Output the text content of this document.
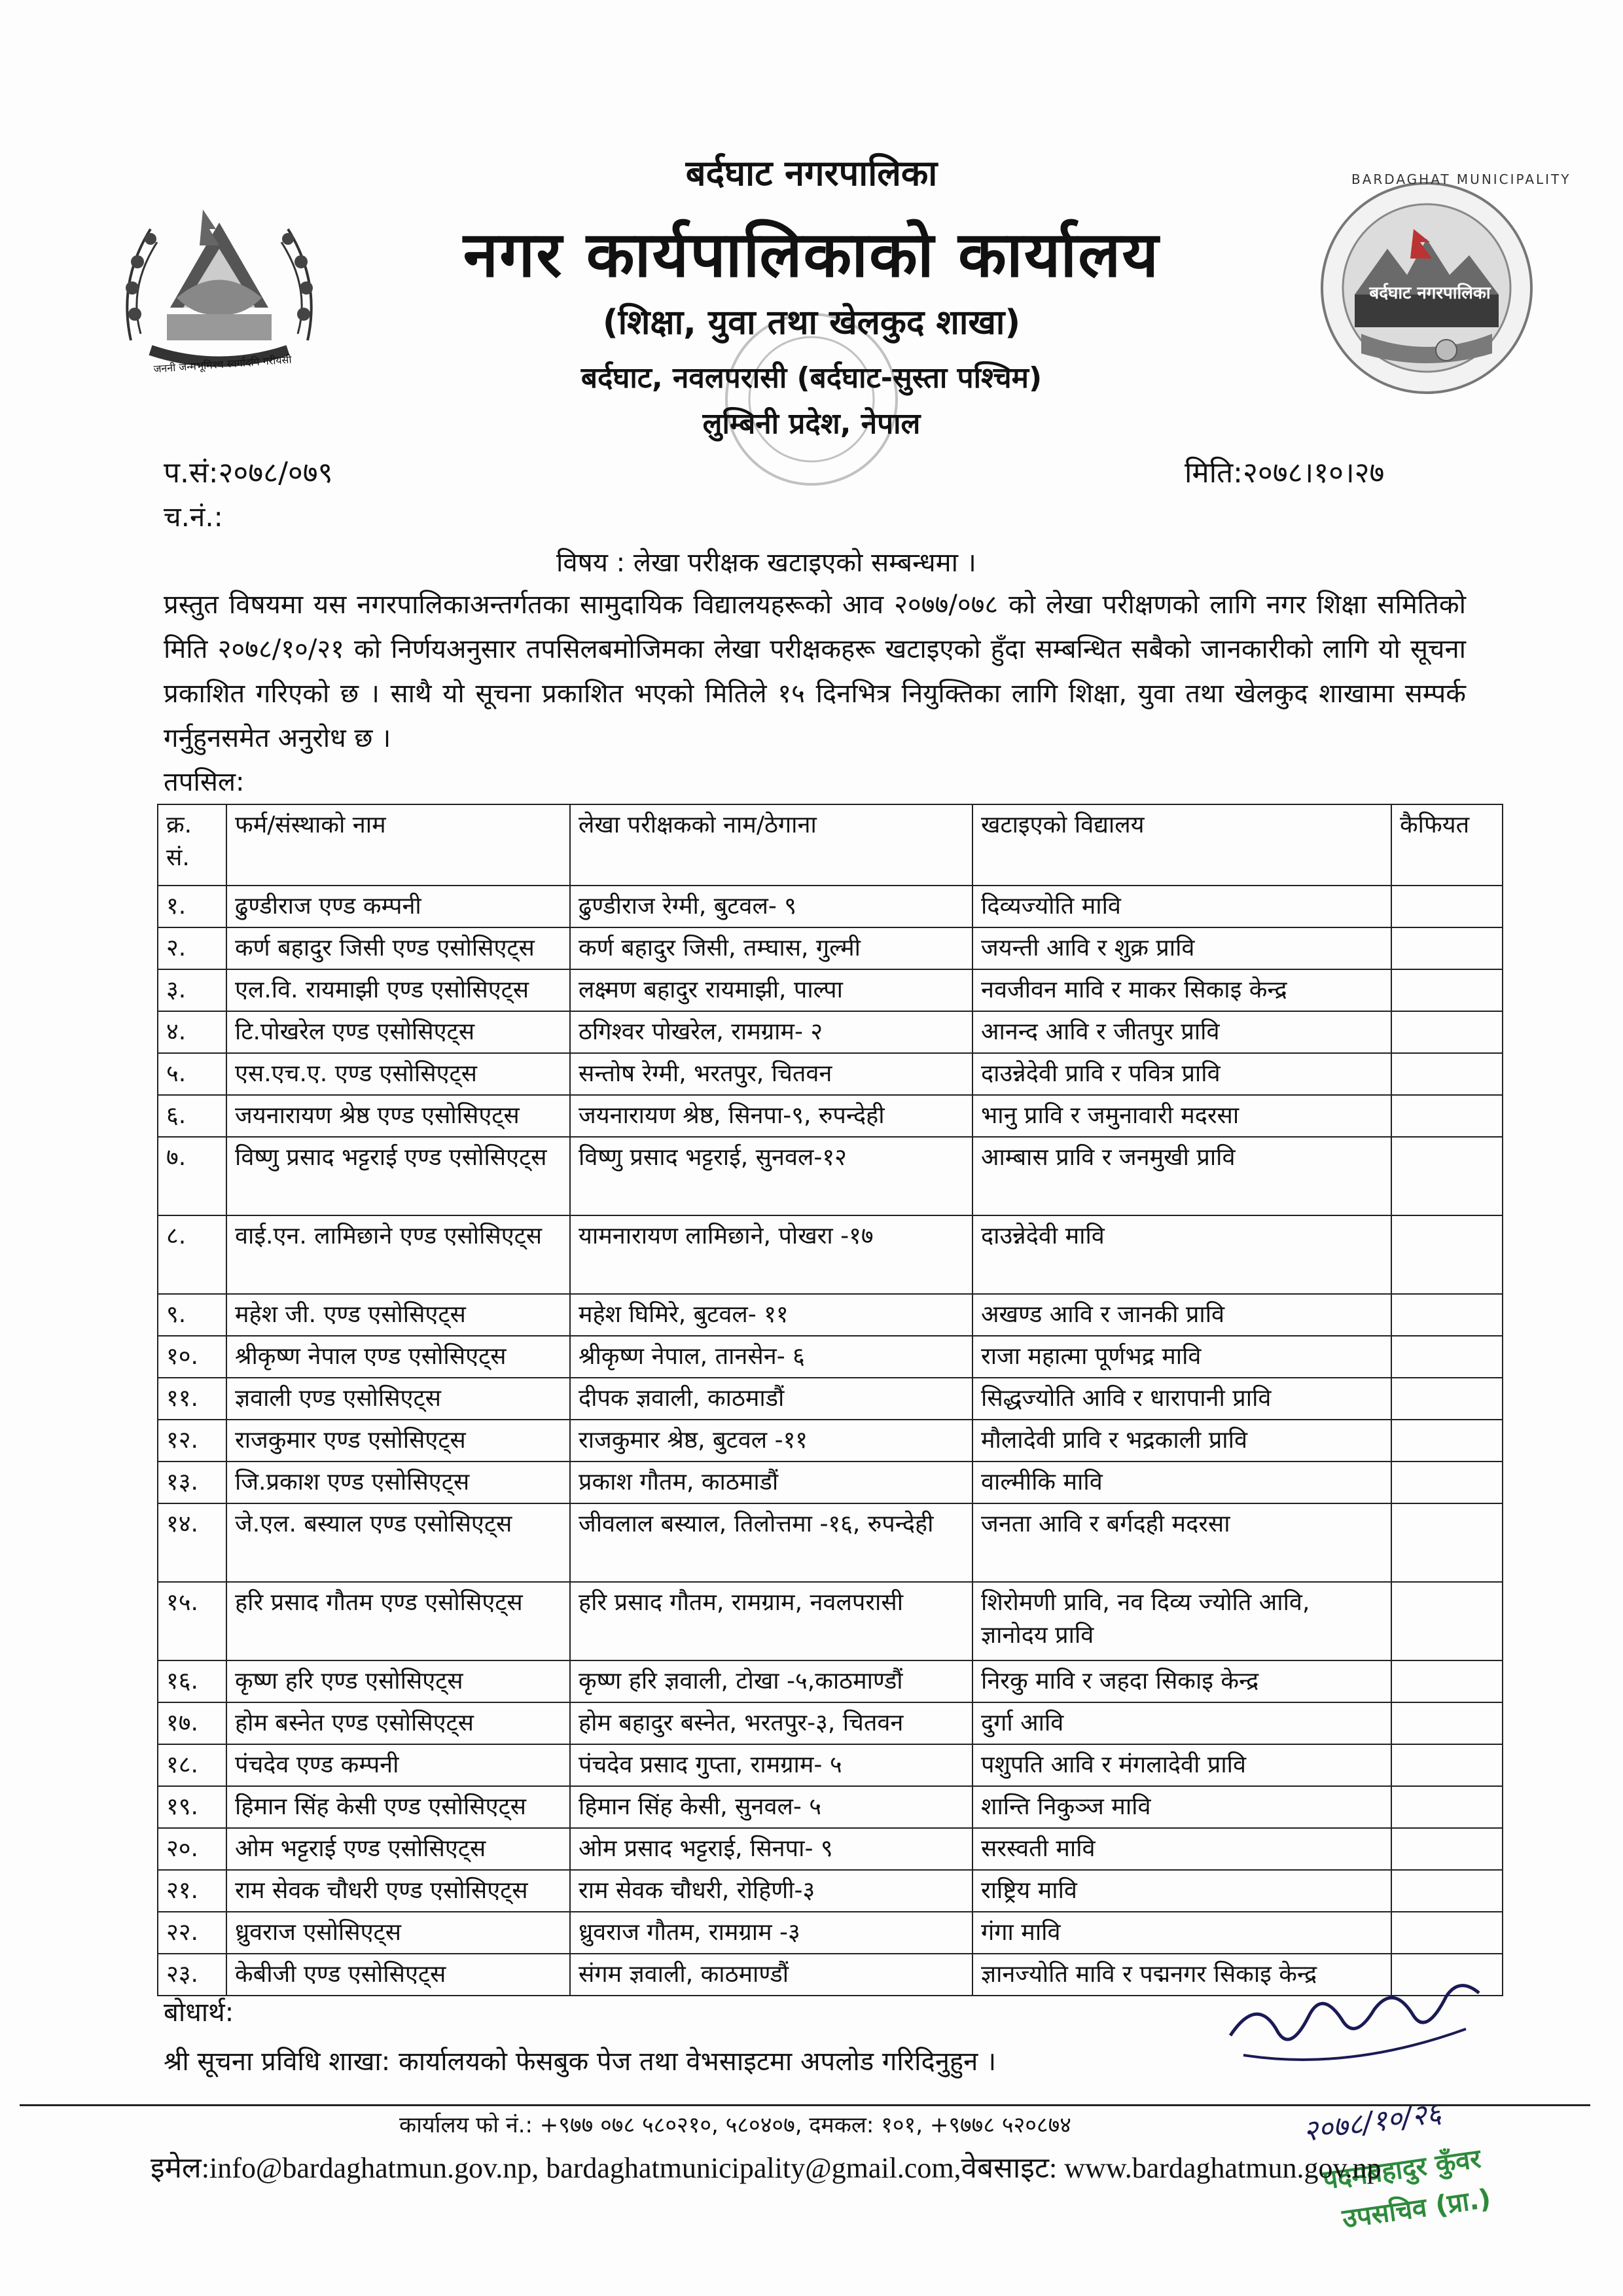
जननी जन्मभूमिश्च स्वर्गादपि गरीयसी
बर्दघाट नगरपालिका
BARDAGHAT MUNICIPALITY
बर्दघाट नगरपालिका
नगर कार्यपालिकाको कार्यालय
(शिक्षा, युवा तथा खेलकुद शाखा)
बर्दघाट, नवलपरासी (बर्दघाट-सुस्ता पश्चिम)
लुम्बिनी प्रदेश, नेपाल
प.सं:२०७८/०७९
च.नं.:
मिति:२०७८।१०।२७
विषय : लेखा परीक्षक खटाइएको सम्बन्धमा ।
प्रस्तुत विषयमा यस नगरपालिकाअन्तर्गतका सामुदायिक विद्यालयहरूको आव २०७७/०७८ को लेखा परीक्षणको लागि नगर शिक्षा समितिको मिति २०७८/१०/२१ को निर्णयअनुसार तपसिलबमोजिमका लेखा परीक्षकहरू खटाइएको हुँदा सम्बन्धित सबैको जानकारीको लागि यो सूचना प्रकाशित गरिएको छ । साथै यो सूचना प्रकाशित भएको मितिले १५ दिनभित्र नियुक्तिका लागि शिक्षा, युवा तथा खेलकुद शाखामा सम्पर्क गर्नुहुनसमेत अनुरोध छ ।
तपसिल:
क्र. सं.	फर्म/संस्थाको नाम	लेखा परीक्षकको नाम/ठेगाना	खटाइएको विद्यालय	कैफियत
१.	ढुण्डीराज एण्ड कम्पनी	ढुण्डीराज रेग्मी, बुटवल- ९	दिव्यज्योति मावि	
२.	कर्ण बहादुर जिसी एण्ड एसोसिएट्स	कर्ण बहादुर जिसी, तम्घास, गुल्मी	जयन्ती आवि र शुक्र प्रावि	
३.	एल.वि. रायमाझी एण्ड एसोसिएट्स	लक्ष्मण बहादुर रायमाझी, पाल्पा	नवजीवन मावि र माकर सिकाइ केन्द्र	
४.	टि.पोखरेल एण्ड एसोसिएट्स	ठगिश्वर पोखरेल, रामग्राम- २	आनन्द आवि र जीतपुर प्रावि	
५.	एस.एच.ए. एण्ड एसोसिएट्स	सन्तोष रेग्मी, भरतपुर, चितवन	दाउन्नेदेवी प्रावि र पवित्र प्रावि	
६.	जयनारायण श्रेष्ठ एण्ड एसोसिएट्स	जयनारायण श्रेष्ठ, सिनपा-९, रुपन्देही	भानु प्रावि र जमुनावारी मदरसा	
७.	विष्णु प्रसाद भट्टराई एण्ड एसोसिएट्स	विष्णु प्रसाद भट्टराई, सुनवल-१२	आम्बास प्रावि र जनमुखी प्रावि	
८.	वाई.एन. लामिछाने एण्ड एसोसिएट्स	यामनारायण लामिछाने, पोखरा -१७	दाउन्नेदेवी मावि	
९.	महेश जी. एण्ड एसोसिएट्स	महेश घिमिरे, बुटवल- ११	अखण्ड आवि र जानकी प्रावि	
१०.	श्रीकृष्ण नेपाल एण्ड एसोसिएट्स	श्रीकृष्ण नेपाल, तानसेन- ६	राजा महात्मा पूर्णभद्र मावि	
११.	ज्ञवाली एण्ड एसोसिएट्स	दीपक ज्ञवाली, काठमाडौं	सिद्धज्योति आवि र धारापानी प्रावि	
१२.	राजकुमार एण्ड एसोसिएट्स	राजकुमार श्रेष्ठ, बुटवल -११	मौलादेवी प्रावि र भद्रकाली प्रावि	
१३.	जि.प्रकाश एण्ड एसोसिएट्स	प्रकाश गौतम, काठमाडौं	वाल्मीकि मावि	
१४.	जे.एल. बस्याल एण्ड एसोसिएट्स	जीवलाल बस्याल, तिलोत्तमा -१६, रुपन्देही	जनता आवि र बर्गदही मदरसा	
१५.	हरि प्रसाद गौतम एण्ड एसोसिएट्स	हरि प्रसाद गौतम, रामग्राम, नवलपरासी	शिरोमणी प्रावि, नव दिव्य ज्योति आवि, ज्ञानोदय प्रावि	
१६.	कृष्ण हरि एण्ड एसोसिएट्स	कृष्ण हरि ज्ञवाली, टोखा -५,काठमाण्डौं	निरकु मावि र जहदा सिकाइ केन्द्र	
१७.	होम बस्नेत एण्ड एसोसिएट्स	होम बहादुर बस्नेत, भरतपुर-३, चितवन	दुर्गा आवि	
१८.	पंचदेव एण्ड कम्पनी	पंचदेव प्रसाद गुप्ता, रामग्राम- ५	पशुपति आवि र मंगलादेवी प्रावि	
१९.	हिमान सिंह केसी एण्ड एसोसिएट्स	हिमान सिंह केसी, सुनवल- ५	शान्ति निकुञ्ज मावि	
२०.	ओम भट्टराई एण्ड एसोसिएट्स	ओम प्रसाद भट्टराई, सिनपा- ९	सरस्वती मावि	
२१.	राम सेवक चौधरी एण्ड एसोसिएट्स	राम सेवक चौधरी, रोहिणी-३	राष्ट्रिय मावि	
२२.	ध्रुवराज एसोसिएट्स	ध्रुवराज गौतम, रामग्राम -३	गंगा मावि	
२३.	केबीजी एण्ड एसोसिएट्स	संगम ज्ञवाली, काठमाण्डौं	ज्ञानज्योति मावि र पद्मनगर सिकाइ केन्द्र	
बोधार्थ:
श्री सूचना प्रविधि शाखा: कार्यालयको फेसबुक पेज तथा वेभसाइटमा अपलोड गरिदिनुहुन ।
२०७८/१०/२६
पदमबहादुर कुँवर
उपसचिव (प्रा.)
कार्यालय फो नं.: +९७७ ०७८ ५८०२१०, ५८०४०७, दमकल: १०१, +९७७८ ५२०८७४
इमेल:info@bardaghatmun.gov.np, bardaghatmunicipality@gmail.com,वेबसाइट: www.bardaghatmun.gov.np
